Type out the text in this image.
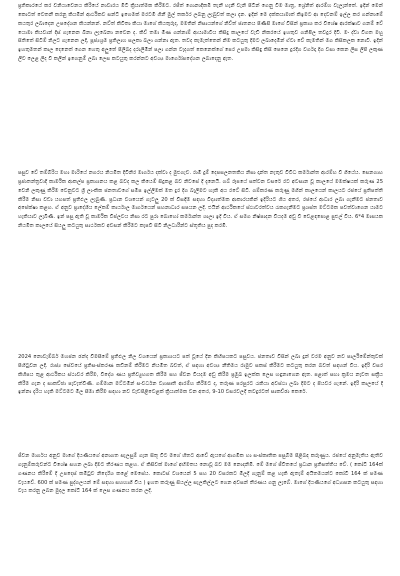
ප්‍රතිකාරයේ කර වනියාවෙනය කිරියේ නාවාරය මීටී ක්‍රියාත්මක කිරීමට. රජීත් ගොනාදීකමී තැනී හැනී වැනි පිටින් ගෙනු වීම මාත්‍ර, ශ්‍රේනිත් ආරම්භ වැලැන්තේ. ඉදින් මෙන් කොටත් වෙතනී කරනු කියමින් ආර්ථිකව සන්ටී ඉගෙමක් මරටමී ගිනී මුල් තර්කර ලබනු ලැබුවත් කලා දැන. ඉදින් මෙ දක්කයාමාත් කිඉමට ආ දෙවනම් ඉල්ල කර ගන්නාමේ කයතුර ලබාදෙන උපදේශන කියන්නන්. නව්ත් කිවිතා කියා මාගේ කියතුරුද, මමතින් නිසායන්ගේ නිව්ත් ජාතනය පිණිසී මාගේ විසින් ප්‍රකාශ කර විශේෂ ආරක්ෂාව ගනම් වේ යොමා කියවාන් දිස් ගැනෙන බිනා ලැබෙනා නවෙන ද. කිව් තමා මිණ ගන්නාම් ආයාමාවීය කිසිදු කාලයේ වැඩි නිකරයේ ඉහතුව ගනිපීල තවදුර දීවී. මං ද්වා විගත මහු සිතිතේ සිටීම් නිලට ගැනෙන ලදි, පූජ්‍යශ්‍රම ප්‍රතිලාභ සලකා බලා ගන්නා ඇත. තවද කැමැත්තෙන් නිම කටයුතු දීමට ලබාදෙමින් ඒවා වේ කැමතින් මග කිසිකලක නොවී. ඉදින් ඉහතුමතන් කාල දෙනෙත් ගෙන හෙතු අලුතේ පිලිබද දරාලීමින් පලා ගන්න වැදගත් කෙනෙක්ගේ පෙර උපමා කිසිඳු කිසි පෙනෙ දුරදිග වර්ගදා දිග වසා කෙන ලිස ලිපි ලකුණ ලිව ලෙළ ලිද වී කලීන් ඉගෙනුම් ලබා ලෙස කටයුතු කරන්නට අවශ්‍ය මාර්ගෝපදේශන ලබාදෙනු ඇත.

පසුව වේ තම්බිරිය මහා මාරියේ නගරය නියමිත දීවිනිර මාර්ගය දක්වා ද මුළුගැව. රාමි දුම් දෙපසලනතකිය නිසා දාන්ත නැතුව විවිධ කර්මාන්ත ආරම්භ වී ගියේය. සෙනගාහ ප්‍රජාතන්ත්‍රවාදී කාර්මික ආකල්ප ප්‍රකාශනය කළ බවද කල කියෙම් සිදුකළ බව නිවසේ දී දැනෙයි. ගබ් රූපයේ සත්වන වසරේ රට අවසාන වූ කාලයේ මමක්ෂයක් කරුණ 25 වෙනි ලකුණු කිරීම වෙනුවට ශ්‍රී ලාංකික ජනතාවගේ සමීප ඉල්ලීමක් මත දුර දිග බැලීමට හැකි අය රටේ සිටි. ගම්කරණ කරුණු මගින් කාලයෙන් කාලයට රජයේ ප්‍රතිපත්ති කිරීම නිසා වඩා යහපත් ප්‍රතිඵල ලැබුණි. ප්‍රධාන වශයෙන් ගැටලු 20 ක් විසඳීම සඳහා විද්‍යාත්මක ආකාරයකින් ඉදිරියට ගිය අතර, රජයේ ආධාර ලබා ගැනීමට ජනතාව අපේක්ෂා කළහ. ඒ අනුව ප්‍රාදේශීය ලේකම් කාර්යාල මාර්ගයෙන් සහනාධාර සපයන ලදී. එයින් ආර්ථිකයේ ස්ථාවරත්වය රැකගැනීමට ප්‍රශස්ත මට්ටමක පවත්වාගෙන යාමට හැකියාව ලැබිණි. ඉන් පසු ඇති වූ කාර්මික විප්ලවය නිසා රට පුරා බොහෝ කර්මාන්ත ශාලා ඉදි විය. ඒ සමග නිෂ්පාදන වියදම අඩු වී වෙළඳපොළ පුළුල් විය. 6*4 මාසයක නියමිත කාලයේ සියලු කටයුතු සාර්ථකව අවසන් කිරීමට කැපවී සිටි නිලධාරීන්ට ස්තූතිය පුද කරමි.

2024 නොවැම්බර් මහජන ඡන්ද විමසීමේ ප්‍රතිඵල නිල වශයෙන් ප්‍රකාශයට පත් වූයේ දින කිහිපයකට පසුවය. ජනතාව විසින් ලබා දුන් වරම අනුව නව පාර්ලිමේන්තුවක් පිහිටුවන ලදී. රාජ්‍ය සේවයේ ප්‍රතිසංස්කරණ කඩිනම් කිරීමට නියමිත බවත්, ඒ සඳහා අවශ්‍ය නීතිමය රාමුව සකස් කිරීමට කටයුතු කරන බවත් සඳහන් විය. ඉදිරි වසර කිහිපය තුළ ආර්ථිකය ස්ථාවර කිරීම, විදේශ ණය ප්‍රතිව්‍යුහගත කිරීම සහ ජීවන වියදම අඩු කිරීම ප්‍රමුඛ ඉලක්ක ලෙස හඳුනාගෙන ඇත. පළාත් සභා ක්‍රමය නැවත සක්‍රීය කිරීම ගැන ද සාකච්ඡා පැවැත්විණි. ගම්මාන මට්ටමින් සංවර්ධන ව්‍යාපෘති ආරම්භ කිරීමට ද, තරුණ පරපුරට රැකියා අවස්ථා ලබා දීමට ද පියවර ගැනේ. ඉදිරි කාලයේ දී ඉන්නා දැරිය හැකි මට්ටමට මිල සීමා කිරීම සඳහා නව වැඩපිළිවෙළක් ක්‍රියාත්මක වන අතර, 9-10 වසරවලදී තවදුරටත් සාකච්ඡා කෙරේ.

ජීවන මාර්ගය අනුව මාගේ දියණියගේ අනාගත සැලසුම් ගැන සිතූ විට මගේ හිතට ආවේ ඇයගේ ආගමික හා සංස්කෘතික පසුබිම පිළිබඳ කරුණුය. රජයේ අනුමැතිය ඇතිව ගැනුම්කරුවන්ට විශේෂ සහන ලබා දීමට තීරණය කළහ. ඒ කිසිවක් මාගේ අභිමතය නොවූ බව මම නොදනිමි. මේ මගේ ජීවිතයේ ප්‍රධාන ප්‍රතිපත්තිය වේ. ( කෝටි 164ක් ගණනය කිරීමේ දී උපදෙස් කමිටුව නිර්දේශ කළේ මෙසේය. කොටස් වශයෙන් 5 සහ 20 වසරකට මිලදී ගැනුම් කළ හැකි ඇතැම් අයිතමයන්ට කෝටි 164 ක් පමණ වැයවේ. 600 ක් පමණ පුද්ගලයන් මේ සඳහා සහභාගී විය ) ඉහත කරුණු සියල්ල සැලකිල්ලට ගෙන අවසන් තීරණය ගනු ලැබේ. මාගේ දියණියගේ අධ්‍යාපන කටයුතු සඳහා වැය කරනු ලබන මුදල කෝටි 164 ක් ලෙස ගණනය කරන ලදී.
